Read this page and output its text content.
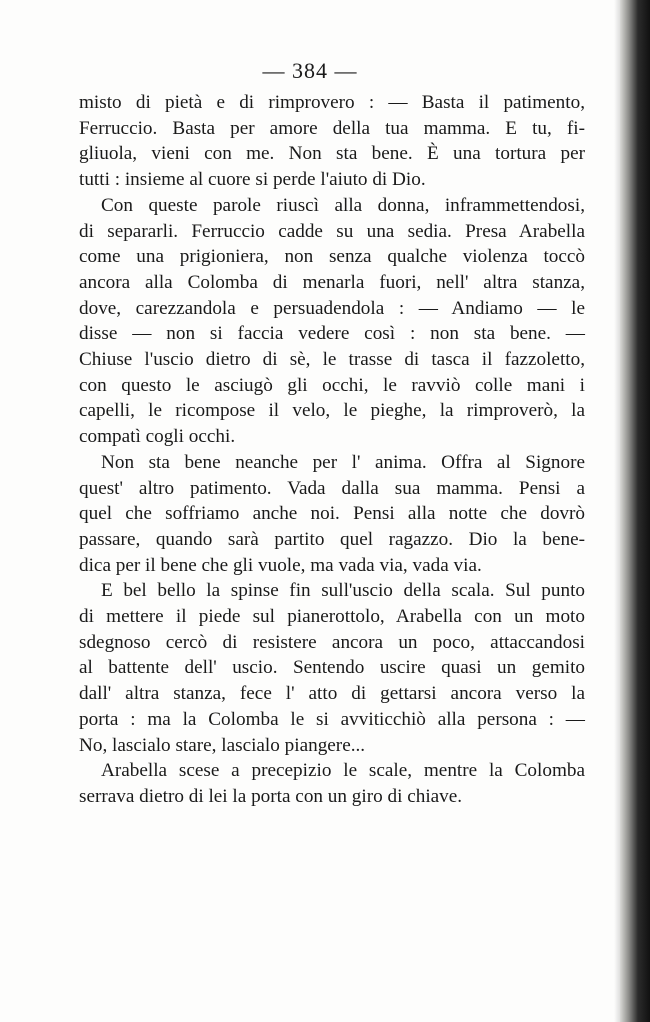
— 384 —
misto di pietà e di rimprovero : — Basta il patimento,
Ferruccio. Basta per amore della tua mamma. E tu, fi-
gliuola, vieni con me. Non sta bene. È una tortura per
tutti : insieme al cuore si perde l'aiuto di Dio.
Con queste parole riuscì alla donna, inframmettendosi,
di separarli. Ferruccio cadde su una sedia. Presa Arabella
come una prigioniera, non senza qualche violenza toccò
ancora alla Colomba di menarla fuori, nell' altra stanza,
dove, carezzandola e persuadendola : — Andiamo — le
disse — non si faccia vedere così : non sta bene. —
Chiuse l'uscio dietro di sè, le trasse di tasca il fazzoletto,
con questo le asciugò gli occhi, le ravviò colle mani i
capelli, le ricompose il velo, le pieghe, la rimproverò, la
compatì cogli occhi.
Non sta bene neanche per l' anima. Offra al Signore
quest' altro patimento. Vada dalla sua mamma. Pensi a
quel che soffriamo anche noi. Pensi alla notte che dovrò
passare, quando sarà partito quel ragazzo. Dio la bene-
dica per il bene che gli vuole, ma vada via, vada via.
E bel bello la spinse fin sull'uscio della scala. Sul punto
di mettere il piede sul pianerottolo, Arabella con un moto
sdegnoso cercò di resistere ancora un poco, attaccandosi
al battente dell' uscio. Sentendo uscire quasi un gemito
dall' altra stanza, fece l' atto di gettarsi ancora verso la
porta : ma la Colomba le si avviticchiò alla persona : —
No, lascialo stare, lascialo piangere...
Arabella scese a precepizio le scale, mentre la Colomba
serrava dietro di lei la porta con un giro di chiave.
